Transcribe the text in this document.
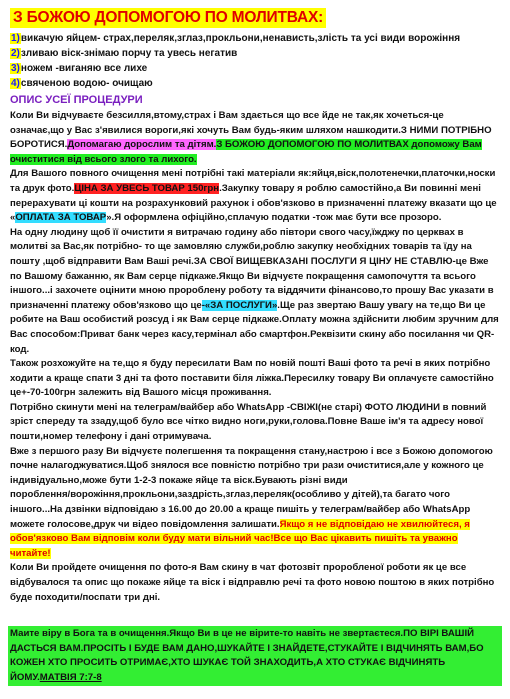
З БОЖОЮ ДОПОМОГОЮ ПО МОЛИТВАХ:
1)викачую яйцем- страх,переляк,зглаз,прокльони,ненависть,злість та усі види ворожіння
2)зливаю віск-знімаю порчу та увесь негатив
3)ножем -виганяю все лихе
4)свяченою водою- очищаю
ОПИС УСЕЇ ПРОЦЕДУРИ

Коли Ви відчуваєте безсилля,втому,страх і Вам здається що все йде не так,як хочеться-це означає,що у Вас з'явилися вороги,які хочуть Вам будь-яким шляхом нашкодити.З НИМИ ПОТРІБНО БОРОТИСЯ.Допомагаю дорослим та дітям.З БОЖОЮ ДОПОМОГОЮ ПО МОЛИТВАХ допоможу Вам очиститися від всього злого та лихого.

Для Вашого повного очищення мені потрібні такі матеріали як:яйця,віск,полотенечки,платочки,носки та друк фото.ЦІНА ЗА УВЕСЬ ТОВАР 150грн.Закупку товару я роблю самостійно,а Ви повинні мені перерахувати ці кошти на розрахунковий рахунок і обов'язково в призначенні платежу вказати що це «ОПЛАТА ЗА ТОВАР».Я оформлена офіційно,сплачую податки -тож має бути все прозоро.

На одну людину щоб її очистити я витрачаю годину або півтори свого часу,їжджу по церквах в молитві за Вас,як потрібно- то ще замовляю служби,роблю закупку необхідних товарів та їду на пошту ,щоб відправити Вам Ваші речі.ЗА СВОЇ ВИЩЕВКАЗАНІ ПОСЛУГИ Я ЦІНУ НЕ СТАВЛЮ-це Вже по Вашому бажанню, як Вам серце підкаже.Якщо Ви відчуєте покращення самопочуття та всього іншого...і захочете оцінити мною пророблену роботу та віддячити фінансово,то прошу Вас указати в призначенні платежу обов'язково що це-«ЗА ПОСЛУГИ».Ще раз звертаю Вашу увагу на те,що Ви це робите на Ваш особистий розсуд і як Вам серце підкаже.Оплату можна здійснити любим зручним для Вас способом:Приват банк через касу,термінал або смартфон.Реквізити скину або посилання чи QR-код.

Також розхожуйте на те,що я буду пересилати Вам по новій пошті Ваші фото та речі в яких потрібно ходити а краще спати 3 дні та фото поставити біля ліжка.Пересилку товару Ви оплачуєте самостійно це+-70-100грн залежить від Вашого місця проживання.

Потрібно скинути мені на телеграм/вайбер або WhatsApp -СВІЖІ(не старі) ФОТО ЛЮДИНИ в повний зріст спереду та ззаду,щоб було все чітко видно ноги,руки,голова.Повне Ваше ім'я та адресу нової пошти,номер телефону і дані отримувача.

Вже з першого разу Ви відчуєте полегшення та покращення стану,настрою і все з Божою допомогою почне налагоджуватися.Щоб знялося все повністю потрібно три рази очиститися,але у кожного це індивідуально,може бути 1-2-3 покаже яйце та віск.Бувають різні види

пороблення/ворожіння,прокльони,заздрість,зглаз,переляк(особливо у дітей),та багато чого іншого...На дзвінки відповідаю з 16.00 до 20.00 а краще пишіть у телеграм/вайбер або WhatsApp можете голосове,друк чи відео повідомлення залишати.Якщо я не відповідаю не хвилюйтеся, я обов'язково Вам відповім коли буду мати вільний час!Все що Вас цікавить пишіть та уважно читайте!

Коли Ви пройдете очищення по фото-я Вам скину в чат фотозвіт проробленої роботи як це все відбувалося та опис що покаже яйце та віск і відправлю речі та фото новою поштою в яких потрібно буде походити/поспати три дні.

Маите віру в Бога та в очищення.Якщо Ви в це не вірите-то навіть не звертаєтеся.ПО ВІРІ ВАШІЙ ДАСТЬСЯ ВАМ.ПРОСІТЬ І БУДЕ ВАМ ДАНО,ШУКАЙТЕ І ЗНАЙДЕТЕ,СТУКАЙТЕ І ВІДЧИНЯТЬ ВАМ,БО КОЖЕН ХТО ПРОСИТЬ ОТРИМАЄ,ХТО ШУКАЄ ТОЙ ЗНАХОДИТЬ,А ХТО СТУКАЄ ВІДЧИНЯТЬ ЙОМУ.МАТВІЯ 7:7-8
